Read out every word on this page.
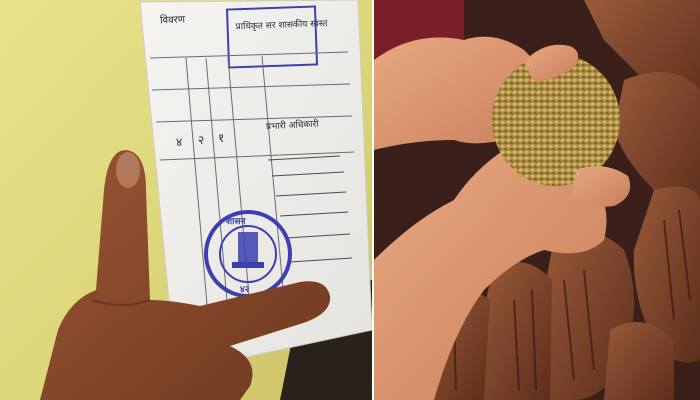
प्राधिकृत सर शासकीय स्वस्त
विवरण
४ २ १
प्रभारी अधिकारी
शासन
४२
